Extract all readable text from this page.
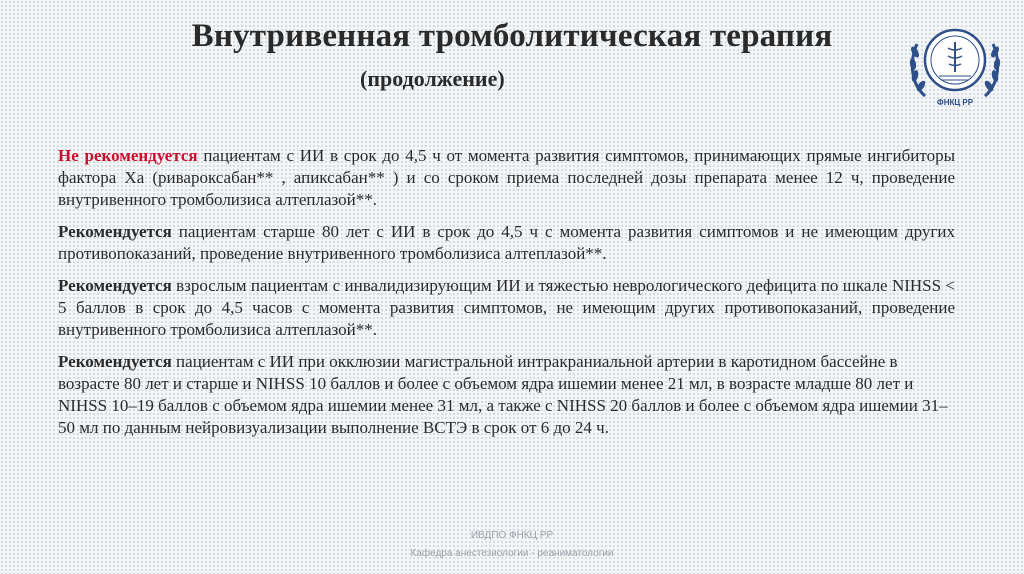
Внутривенная тромболитическая терапия
(продолжение)
ФНКЦ РР

Не рекомендуется пациентам с ИИ в срок до 4,5 ч от момента развития симптомов, принимающих прямые ингибиторы фактора Ха (ривароксабан** , апиксабан** ) и со сроком приема последней дозы препарата менее 12 ч, проведение внутривенного тромболизиса алтеплазой**.

Рекомендуется пациентам старше 80 лет с ИИ в срок до 4,5 ч с момента развития симптомов и не имеющим других противопоказаний, проведение внутривенного тромболизиса алтеплазой**.

Рекомендуется взрослым пациентам с инвалидизирующим ИИ и тяжестью неврологического дефицита по шкале NIHSS < 5 баллов в срок до 4,5 часов с момента развития симптомов, не имеющим других противопоказаний, проведение внутривенного тромболизиса алтеплазой**.

Рекомендуется пациентам с ИИ при окклюзии магистральной интракраниальной артерии в каротидном бассейне в возрасте 80 лет и старше и NIHSS 10 баллов и более с объемом ядра ишемии менее 21 мл, в возрасте младше 80 лет и NIHSS 10–19 баллов с объемом ядра ишемии менее 31 мл, а также с NIHSS 20 баллов и более с объемом ядра ишемии 31–50 мл по данным нейровизуализации выполнение ВСТЭ в срок от 6 до 24 ч.

ИВДПО ФНКЦ РР
Кафедра анестезиологии - реаниматологии
